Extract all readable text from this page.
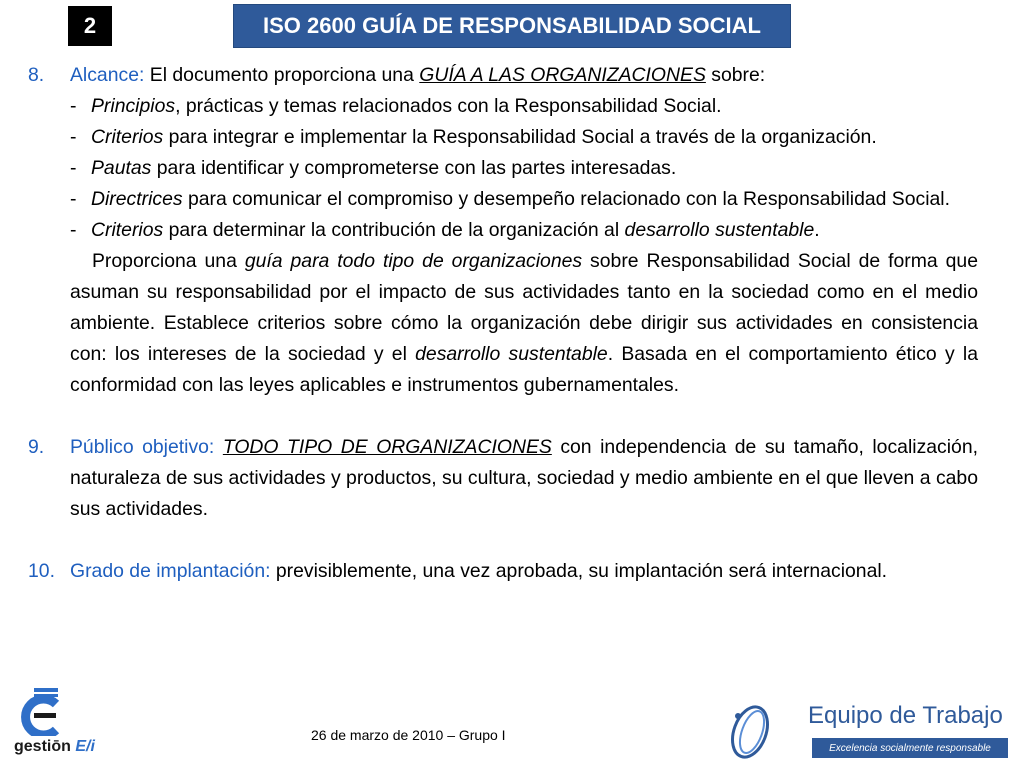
2	ISO 2600 GUÍA DE RESPONSABILIDAD SOCIAL
8.	Alcance: El documento proporciona una GUÍA A LAS ORGANIZACIONES sobre:
- Principios, prácticas y temas relacionados con la Responsabilidad Social.
- Criterios para integrar e implementar la Responsabilidad Social a través de la organización.
- Pautas para identificar y comprometerse con las partes interesadas.
- Directrices para comunicar el compromiso y desempeño relacionado con la Responsabilidad Social.
- Criterios para determinar la contribución de la organización al desarrollo sustentable.
Proporciona una guía para todo tipo de organizaciones sobre Responsabilidad Social de forma que asuman su responsabilidad por el impacto de sus actividades tanto en la sociedad como en el medio ambiente. Establece criterios sobre cómo la organización debe dirigir sus actividades en consistencia con: los intereses de la sociedad y el desarrollo sustentable. Basada en el comportamiento ético y la conformidad con las leyes aplicables e instrumentos gubernamentales.
9.	Público objetivo: TODO TIPO DE ORGANIZACIONES con independencia de su tamaño, localización, naturaleza de sus actividades y productos, su cultura, sociedad y medio ambiente en el que lleven a cabo sus actividades.
10. Grado de implantación: previsiblemente, una vez aprobada, su implantación será internacional.
gestiōn E/i
26 de marzo de 2010 – Grupo I
Equipo de Trabajo
Excelencia socialmente responsable
